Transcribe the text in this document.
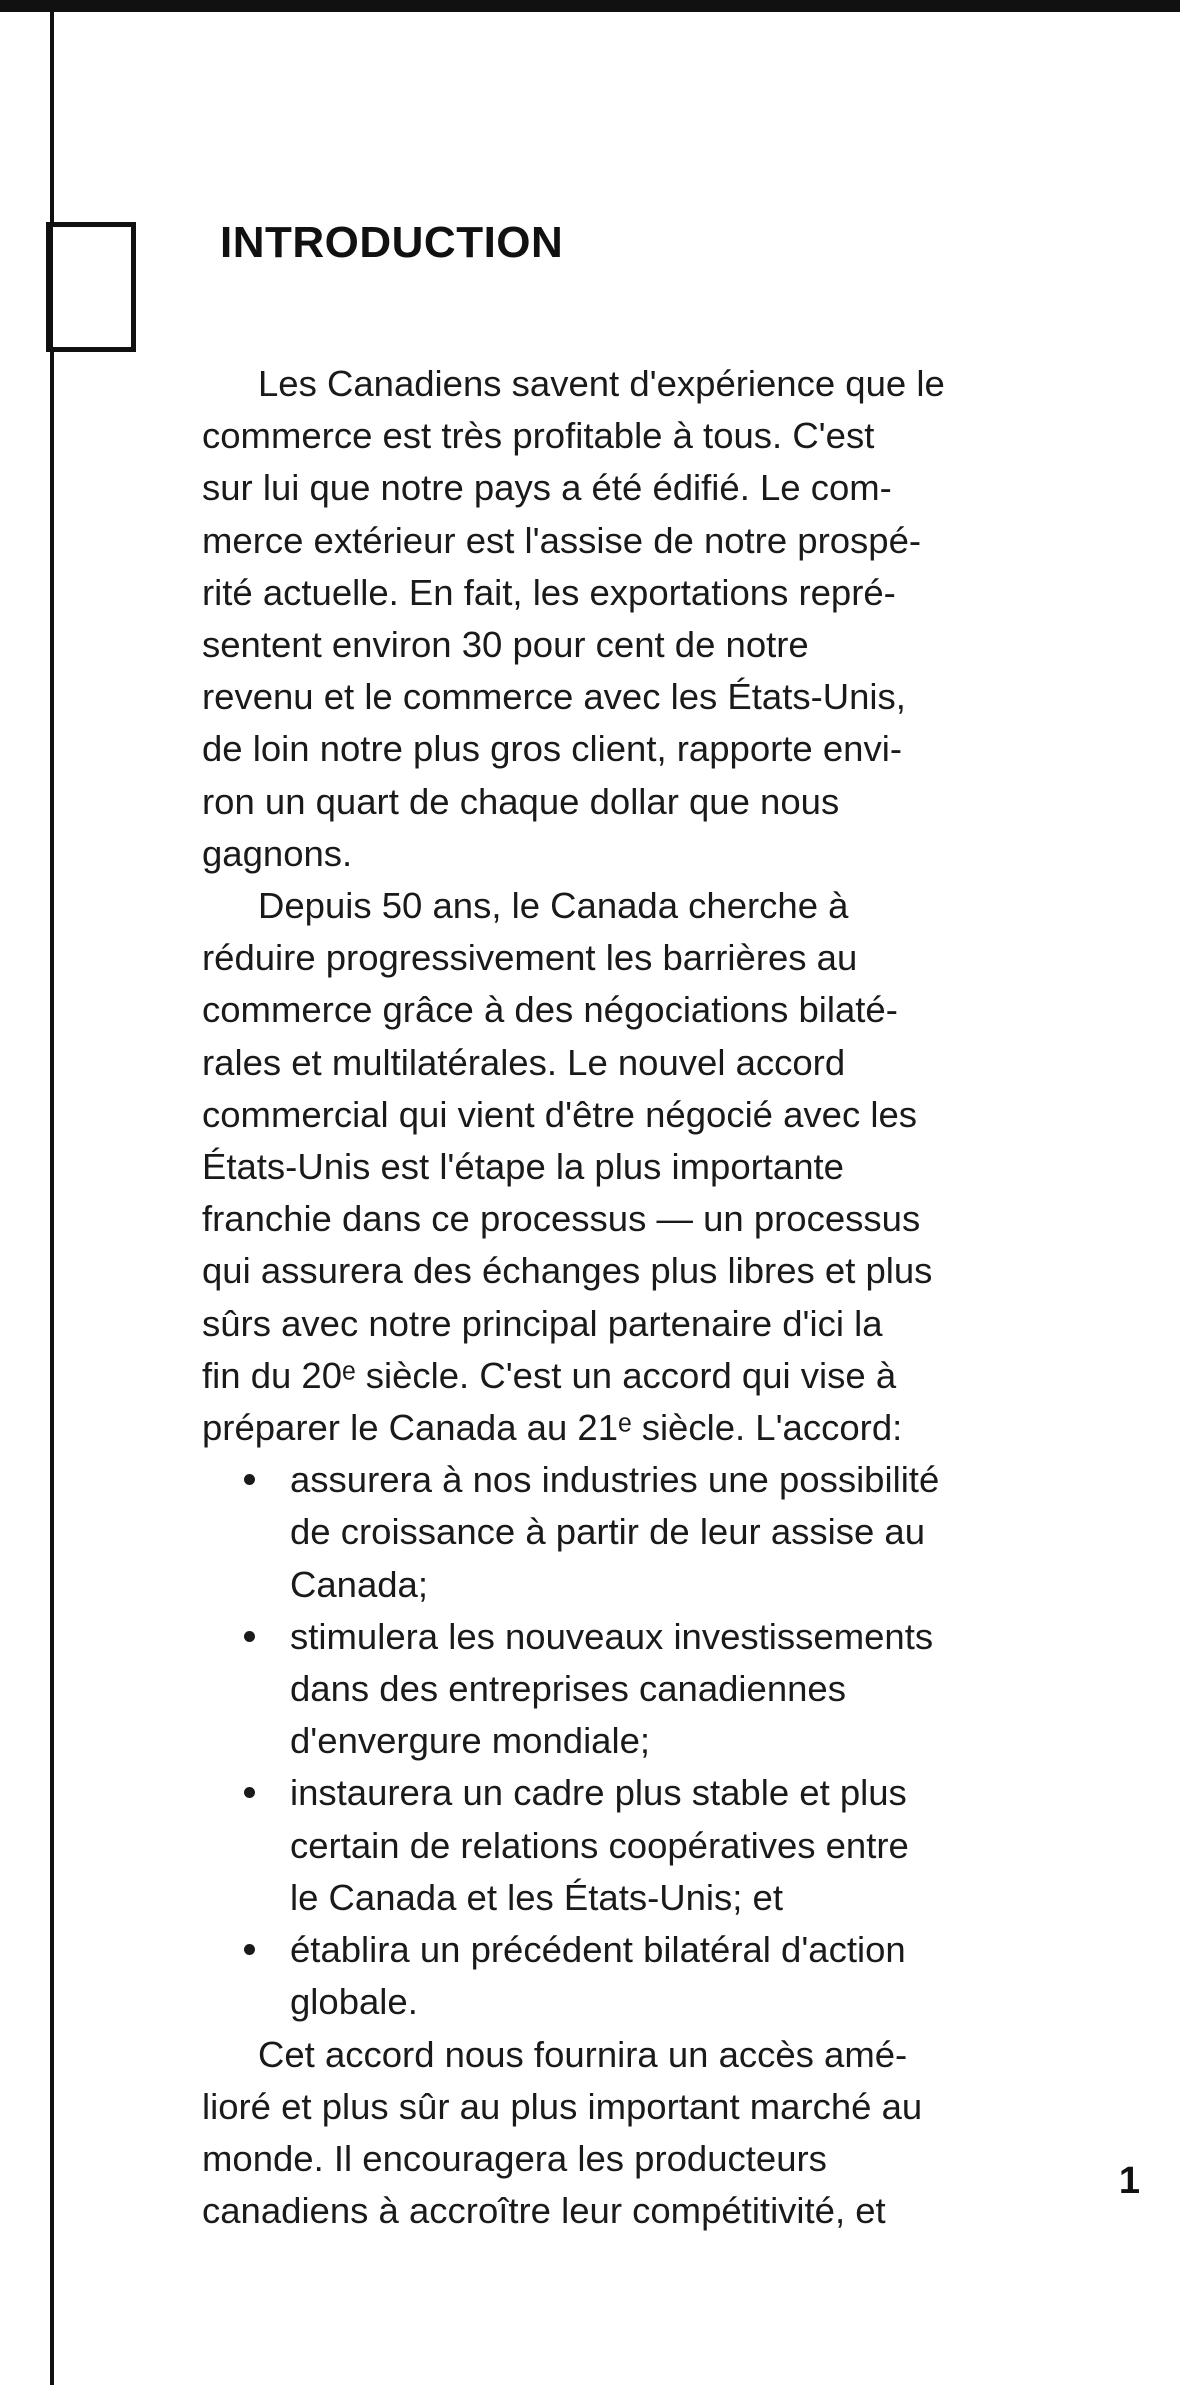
INTRODUCTION
Les Canadiens savent d'expérience que le
commerce est très profitable à tous. C'est
sur lui que notre pays a été édifié. Le com-
merce extérieur est l'assise de notre prospé-
rité actuelle. En fait, les exportations repré-
sentent environ 30 pour cent de notre
revenu et le commerce avec les États-Unis,
de loin notre plus gros client, rapporte envi-
ron un quart de chaque dollar que nous
gagnons.
Depuis 50 ans, le Canada cherche à
réduire progressivement les barrières au
commerce grâce à des négociations bilaté-
rales et multilatérales. Le nouvel accord
commercial qui vient d'être négocié avec les
États-Unis est l'étape la plus importante
franchie dans ce processus — un processus
qui assurera des échanges plus libres et plus
sûrs avec notre principal partenaire d'ici la
fin du 20ᵉ siècle. C'est un accord qui vise à
préparer le Canada au 21ᵉ siècle. L'accord:
assurera à nos industries une possibilité
de croissance à partir de leur assise au
Canada;
stimulera les nouveaux investissements
dans des entreprises canadiennes
d'envergure mondiale;
instaurera un cadre plus stable et plus
certain de relations coopératives entre
le Canada et les États-Unis; et
établira un précédent bilatéral d'action
globale.
Cet accord nous fournira un accès amé-
lioré et plus sûr au plus important marché au
monde. Il encouragera les producteurs
canadiens à accroître leur compétitivité, et
1
